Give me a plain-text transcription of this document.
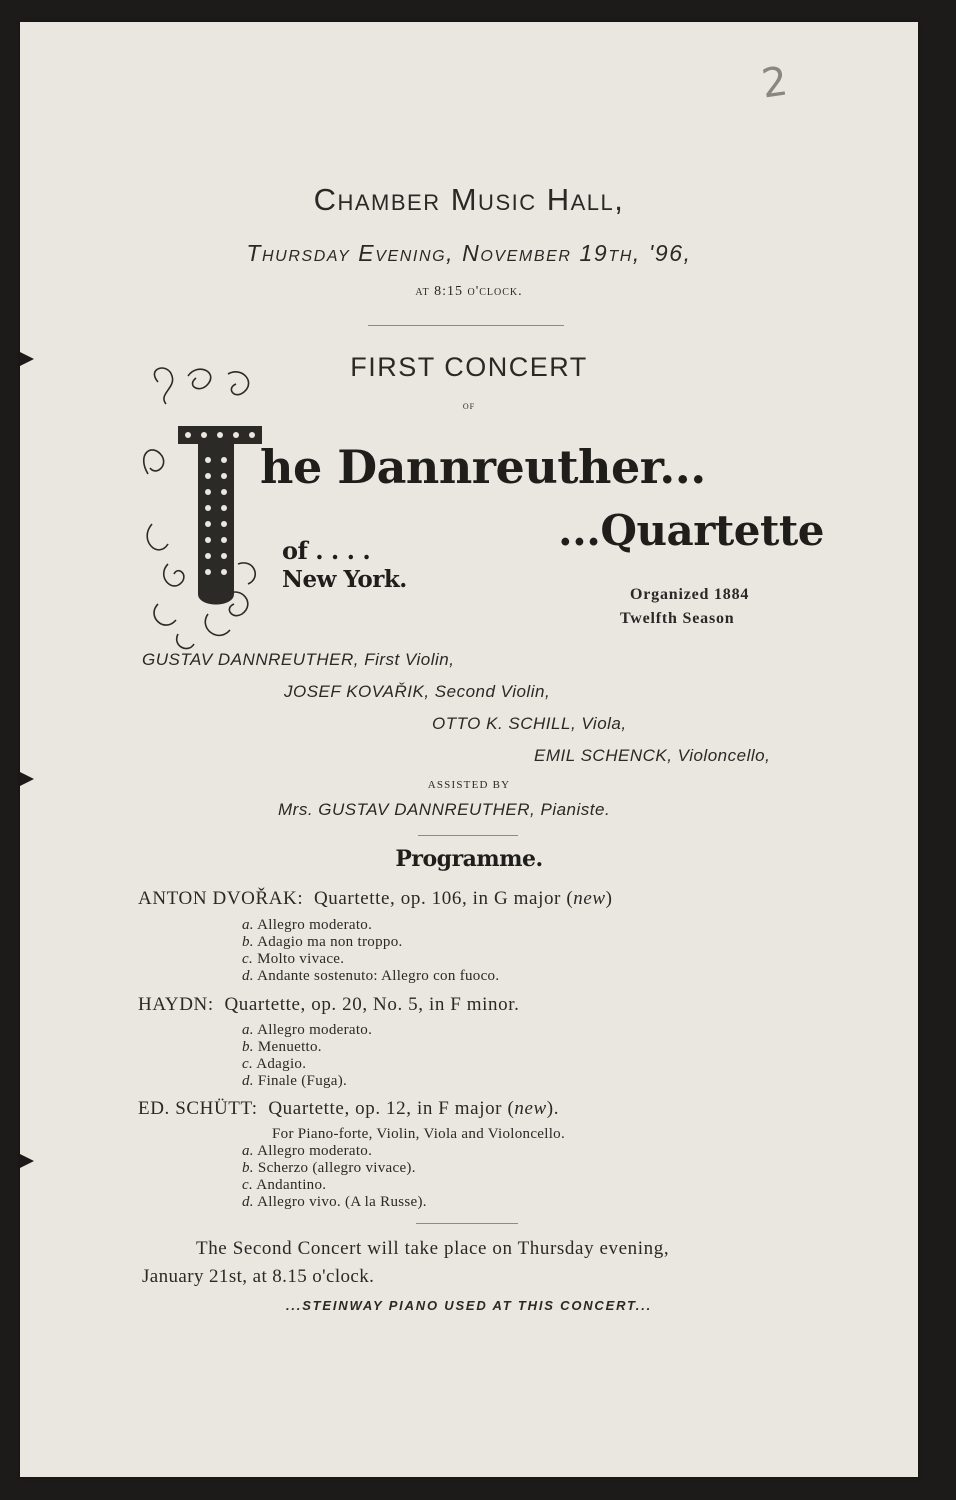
2
Chamber Music Hall,
Thursday Evening, November 19th, '96,
at 8:15 o'clock.
FIRST CONCERT
of
he Dannreuther...
...Quartette
of . . . .
New York.
Organized 1884
Twelfth Season
GUSTAV DANNREUTHER, First Violin,
JOSEF KOVAŘIK, Second Violin,
OTTO K. SCHILL, Viola,
EMIL SCHENCK, Violoncello,
ASSISTED BY
Mrs. GUSTAV DANNREUTHER, Pianiste.
Programme.
ANTON DVOŘAK: Quartette, op. 106, in G major (new)
a. Allegro moderato.
b. Adagio ma non troppo.
c. Molto vivace.
d. Andante sostenuto: Allegro con fuoco.
HAYDN: Quartette, op. 20, No. 5, in F minor.
a. Allegro moderato.
b. Menuetto.
c. Adagio.
d. Finale (Fuga).
ED. SCHÜTT: Quartette, op. 12, in F major (new).
For Piano-forte, Violin, Viola and Violoncello.
a. Allegro moderato.
b. Scherzo (allegro vivace).
c. Andantino.
d. Allegro vivo. (A la Russe).
The Second Concert will take place on Thursday evening,
January 21st, at 8.15 o'clock.
...STEINWAY PIANO USED AT THIS CONCERT...
